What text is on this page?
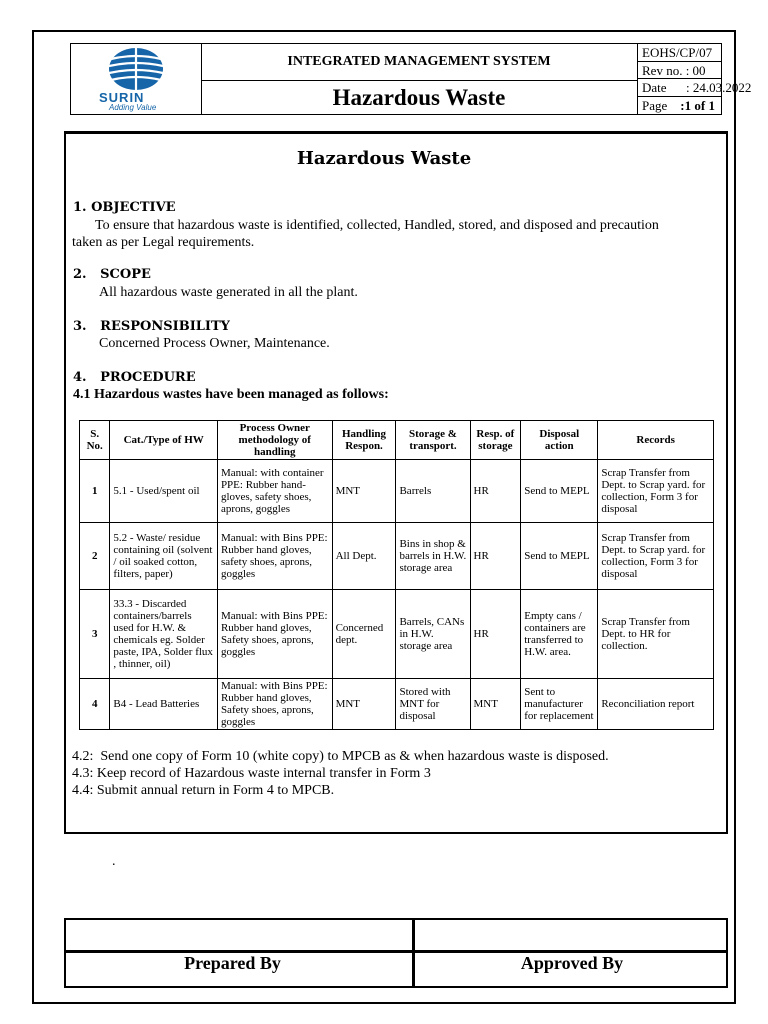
SURIN
Adding Value
INTEGRATED MANAGEMENT SYSTEM
Hazardous Waste
EOHS/CP/07
Rev no. : 00
Date      : 24.03.2022
Page :1 of 1
Hazardous Waste
1. OBJECTIVE
To ensure that hazardous waste is identified, collected, Handled, stored, and disposed and precaution
taken as per Legal requirements.
2.   SCOPE
All hazardous waste generated in all the plant.
3.   RESPONSIBILITY
Concerned Process Owner, Maintenance.
4.   PROCEDURE
4.1 Hazardous wastes have been managed as follows:
S. No.	Cat./Type of HW	Process Owner methodology of handling	Handling Respon.	Storage & transport.	Resp. of storage	Disposal action	Records
1	5.1 - Used/spent oil	Manual: with container PPE: Rubber hand-gloves, safety shoes, aprons, goggles	MNT	Barrels	HR	Send to MEPL	Scrap Transfer from Dept. to Scrap yard. for collection, Form 3 for disposal
2	5.2 - Waste/ residue containing oil (solvent / oil soaked cotton, filters, paper)	Manual: with Bins PPE: Rubber hand gloves, safety shoes, aprons, goggles	All Dept.	Bins in shop & barrels in H.W. storage area	HR	Send to MEPL	Scrap Transfer from Dept. to Scrap yard. for collection, Form 3 for disposal
3	33.3 - Discarded containers/barrels used for H.W. & chemicals eg. Solder paste, IPA, Solder flux , thinner, oil)	Manual: with Bins PPE: Rubber hand gloves, Safety shoes, aprons, goggles	Concerned dept.	Barrels, CANs in H.W. storage area	HR	Empty cans / containers are transferred to H.W. area.	Scrap Transfer from Dept. to HR for collection.
4	B4 - Lead Batteries	Manual: with Bins PPE: Rubber hand gloves, Safety shoes, aprons, goggles	MNT	Stored with MNT for disposal	MNT	Sent to manufacturer for replacement	Reconciliation report
4.2:  Send one copy of Form 10 (white copy) to MPCB as & when hazardous waste is disposed.
4.3: Keep record of Hazardous waste internal transfer in Form 3
4.4: Submit annual return in Form 4 to MPCB.
.
Prepared By	Approved By
